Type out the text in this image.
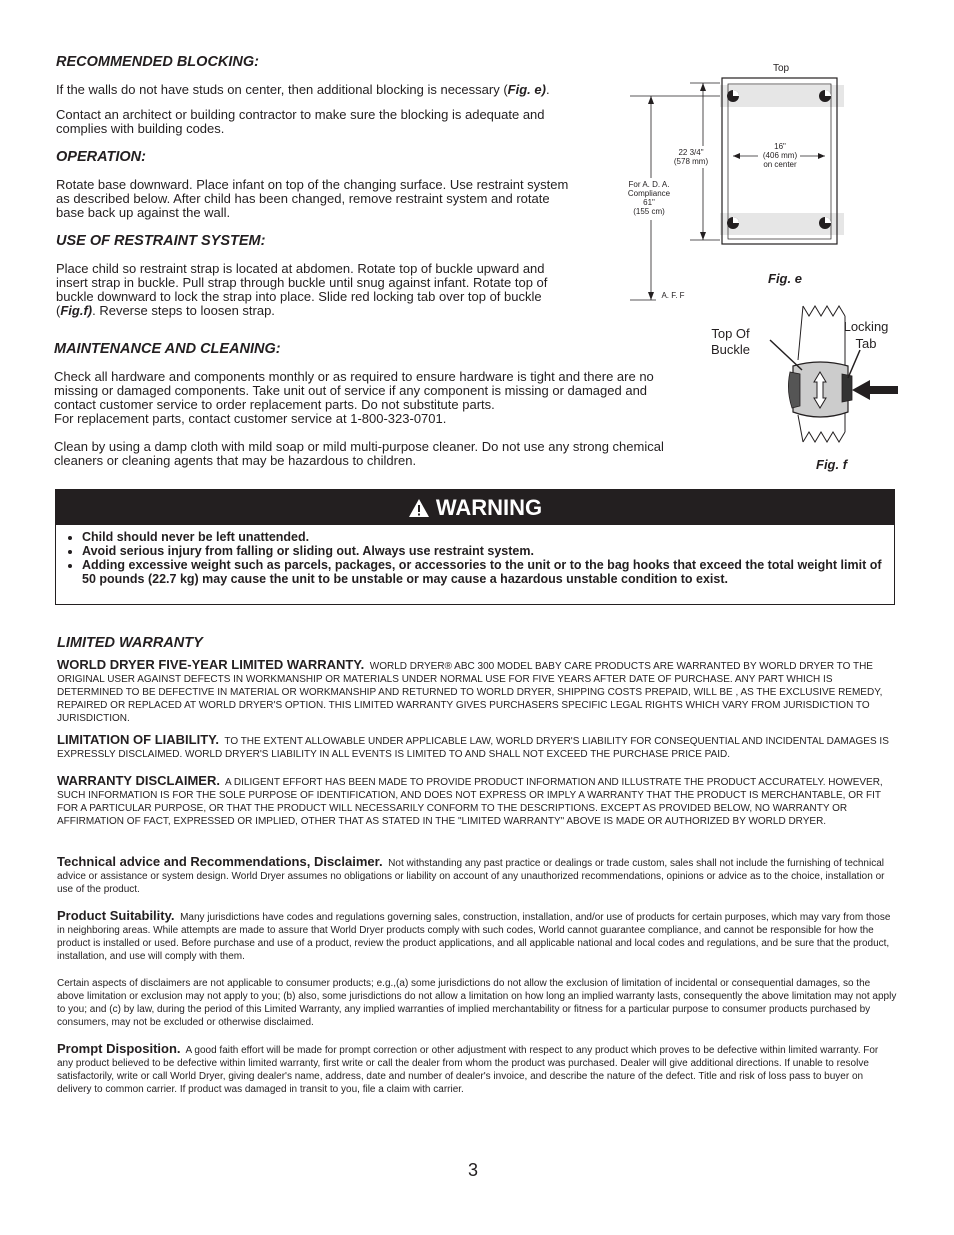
RECOMMENDED BLOCKING:
If the walls do not have studs on center, then additional blocking is necessary (Fig. e).
Contact an architect or building contractor to make sure the blocking is adequate and complies with building codes.
OPERATION:
Rotate base downward. Place infant on top of the changing surface. Use restraint system as described below. After child has been changed, remove restraint system and rotate base back up against the wall.
USE OF RESTRAINT SYSTEM:
Place child so restraint strap is located at abdomen. Rotate top of buckle upward and insert strap in buckle. Pull strap through buckle until snug against infant. Rotate top of buckle downward to lock the strap into place. Slide red locking tab over top of buckle (Fig.f). Reverse steps to loosen strap.
MAINTENANCE AND CLEANING:
Check all hardware and components monthly or as required to ensure hardware is tight and there are no missing or damaged components. Take unit out of service if any component is missing or damaged and contact customer service to order replacement parts. Do not substitute parts.
For replacement parts, contact customer service at 1-800-323-0701.
Clean by using a damp cloth with mild soap or mild multi-purpose cleaner. Do not use any strong chemical cleaners or cleaning agents that may be hazardous to children.
Top
22 3/4"
(578 mm)
16"
(406 mm)
on center
For A. D. A.
Compliance
61"
(155 cm)
A. F. F
Fig. e
Top Of
Buckle
Locking
Tab
Fig. f
WARNING
• Child should never be left unattended.
• Avoid serious injury from falling or sliding out. Always use restraint system.
• Adding excessive weight such as parcels, packages, or accessories to the unit or to the bag hooks that exceed the total weight limit of 50 pounds (22.7 kg) may cause the unit to be unstable or may cause a hazardous unstable condition to exist.
LIMITED WARRANTY
WORLD DRYER FIVE-YEAR LIMITED WARRANTY. WORLD DRYER® ABC 300 MODEL BABY CARE PRODUCTS ARE WARRANTED BY WORLD DRYER TO THE ORIGINAL USER AGAINST DEFECTS IN WORKMANSHIP OR MATERIALS UNDER NORMAL USE FOR FIVE YEARS AFTER DATE OF PURCHASE. ANY PART WHICH IS DETERMINED TO BE DEFECTIVE IN MATERIAL OR WORKMANSHIP AND RETURNED TO WORLD DRYER, SHIPPING COSTS PREPAID, WILL BE , AS THE EXCLUSIVE REMEDY, REPAIRED OR REPLACED AT WORLD DRYER'S OPTION. THIS LIMITED WARRANTY GIVES PURCHASERS SPECIFIC LEGAL RIGHTS WHICH VARY FROM JURISDICTION TO JURISDICTION.
LIMITATION OF LIABILITY. TO THE EXTENT ALLOWABLE UNDER APPLICABLE LAW, WORLD DRYER'S LIABILITY FOR CONSEQUENTIAL AND INCIDENTAL DAMAGES IS EXPRESSLY DISCLAIMED. WORLD DRYER'S LIABILITY IN ALL EVENTS IS LIMITED TO AND SHALL NOT EXCEED THE PURCHASE PRICE PAID.
WARRANTY DISCLAIMER. A DILIGENT EFFORT HAS BEEN MADE TO PROVIDE PRODUCT INFORMATION AND ILLUSTRATE THE PRODUCT ACCURATELY. HOWEVER, SUCH INFORMATION IS FOR THE SOLE PURPOSE OF IDENTIFICATION, AND DOES NOT EXPRESS OR IMPLY A WARRANTY THAT THE PRODUCT IS MERCHANTABLE, OR FIT FOR A PARTICULAR PURPOSE, OR THAT THE PRODUCT WILL NECESSARILY CONFORM TO THE DESCRIPTIONS. EXCEPT AS PROVIDED BELOW, NO WARRANTY OR AFFIRMATION OF FACT, EXPRESSED OR IMPLIED, OTHER THAT AS STATED IN THE "LIMITED WARRANTY" ABOVE IS MADE OR AUTHORIZED BY WORLD DRYER.
Technical advice and Recommendations, Disclaimer. Not withstanding any past practice or dealings or trade custom, sales shall not include the furnishing of technical advice or assistance or system design. World Dryer assumes no obligations or liability on account of any unauthorized recommendations, opinions or advice as to the choice, installation or use of the product.
Product Suitability. Many jurisdictions have codes and regulations governing sales, construction, installation, and/or use of products for certain purposes, which may vary from those in neighboring areas. While attempts are made to assure that World Dryer products comply with such codes, World cannot guarantee compliance, and cannot be responsible for how the product is installed or used. Before purchase and use of a product, review the product applications, and all applicable national and local codes and regulations, and be sure that the product, installation, and use will comply with them.
Certain aspects of disclaimers are not applicable to consumer products; e.g.,(a) some jurisdictions do not allow the exclusion of limitation of incidental or consequential damages, so the above limitation or exclusion may not apply to you; (b) also, some jurisdictions do not allow a limitation on how long an implied warranty lasts, consequently the above limitation may not apply to you; and (c) by law, during the period of this Limited Warranty, any implied warranties of implied merchantability or fitness for a particular purpose to consumer products purchased by consumers, may not be excluded or otherwise disclaimed.
Prompt Disposition. A good faith effort will be made for prompt correction or other adjustment with respect to any product which proves to be defective within limited warranty. For any product believed to be defective within limited warranty, first write or call the dealer from whom the product was purchased. Dealer will give additional directions. If unable to resolve satisfactorily, write or call World Dryer, giving dealer's name, address, date and number of dealer's invoice, and describe the nature of the defect. Title and risk of loss pass to buyer on delivery to common carrier. If product was damaged in transit to you, file a claim with carrier.
3
